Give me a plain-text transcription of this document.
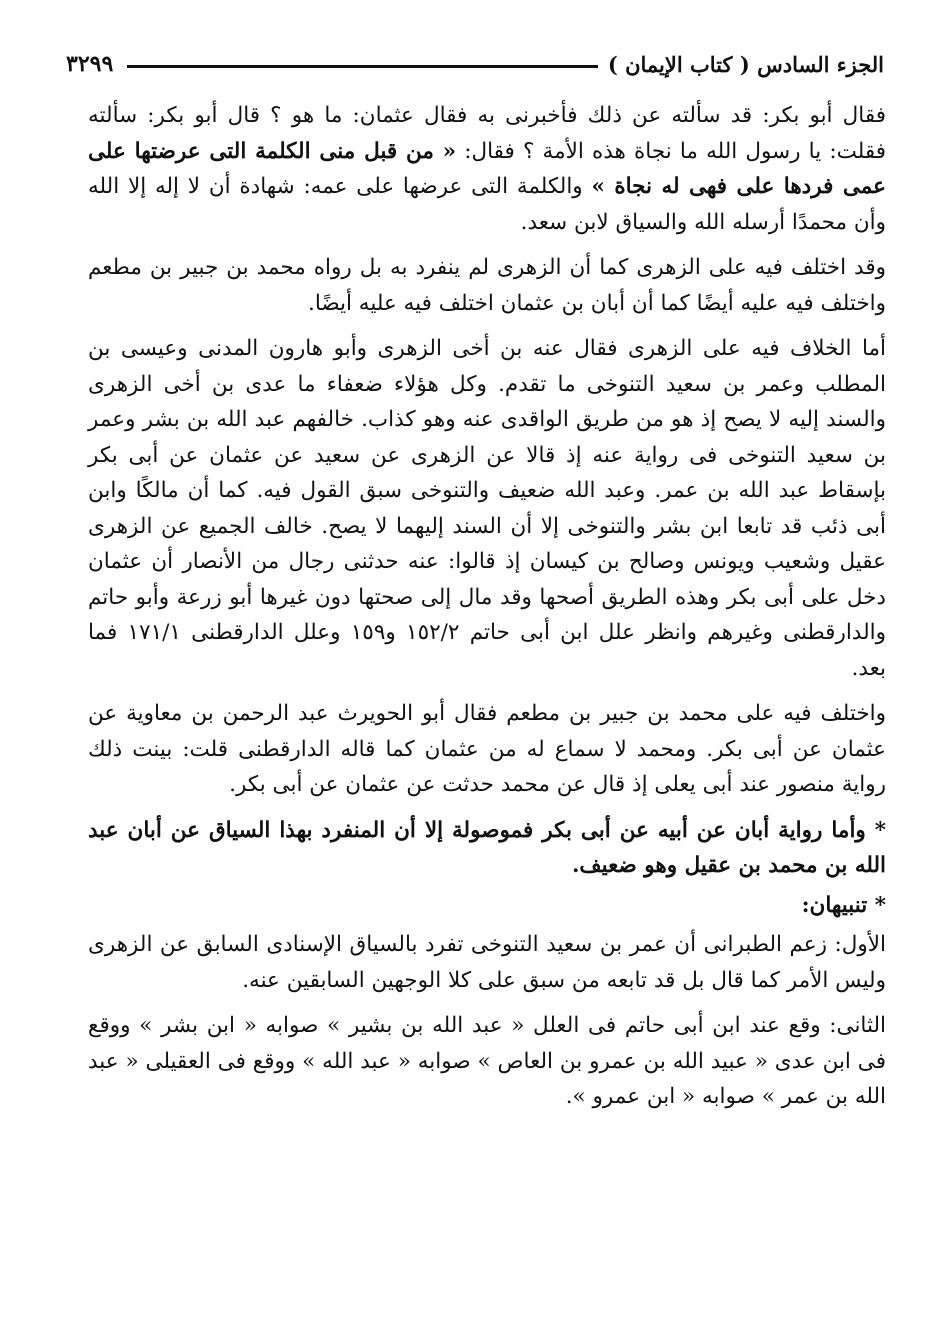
الجزء السادس ( كتاب الإيمان )
٣٢٩٩

فقال أبو بكر: قد سألته عن ذلك فأخبرنى به فقال عثمان: ما هو ؟ قال أبو بكر: سألته فقلت: يا رسول الله ما نجاة هذه الأمة ؟ فقال: « من قبل منى الكلمة التى عرضتها على عمى فردها على فهى له نجاة » والكلمة التى عرضها على عمه: شهادة أن لا إله إلا الله وأن محمدًا أرسله الله والسياق لابن سعد.

وقد اختلف فيه على الزهرى كما أن الزهرى لم ينفرد به بل رواه محمد بن جبير بن مطعم واختلف فيه عليه أيضًا كما أن أبان بن عثمان اختلف فيه عليه أيضًا.

أما الخلاف فيه على الزهرى فقال عنه بن أخى الزهرى وأبو هارون المدنى وعيسى بن المطلب وعمر بن سعيد التنوخى ما تقدم. وكل هؤلاء ضعفاء ما عدى بن أخى الزهرى والسند إليه لا يصح إذ هو من طريق الواقدى عنه وهو كذاب. خالفهم عبد الله بن بشر وعمر بن سعيد التنوخى فى رواية عنه إذ قالا عن الزهرى عن سعيد عن عثمان عن أبى بكر بإسقاط عبد الله بن عمر. وعبد الله ضعيف والتنوخى سبق القول فيه. كما أن مالكًا وابن أبى ذئب قد تابعا ابن بشر والتنوخى إلا أن السند إليهما لا يصح. خالف الجميع عن الزهرى عقيل وشعيب ويونس وصالح بن كيسان إذ قالوا: عنه حدثنى رجال من الأنصار أن عثمان دخل على أبى بكر وهذه الطريق أصحها وقد مال إلى صحتها دون غيرها أبو زرعة وأبو حاتم والدارقطنى وغيرهم وانظر علل ابن أبى حاتم ١٥٢/٢ و١٥٩ وعلل الدارقطنى ١٧١/١ فما بعد.

واختلف فيه على محمد بن جبير بن مطعم فقال أبو الحويرث عبد الرحمن بن معاوية عن عثمان عن أبى بكر. ومحمد لا سماع له من عثمان كما قاله الدارقطنى قلت: بينت ذلك رواية منصور عند أبى يعلى إذ قال عن محمد حدثت عن عثمان عن أبى بكر.

* وأما رواية أبان عن أبيه عن أبى بكر فموصولة إلا أن المنفرد بهذا السياق عن أبان عبد الله بن محمد بن عقيل وهو ضعيف.

* تنبيهان:

الأول: زعم الطبرانى أن عمر بن سعيد التنوخى تفرد بالسياق الإسنادى السابق عن الزهرى وليس الأمر كما قال بل قد تابعه من سبق على كلا الوجهين السابقين عنه.

الثانى: وقع عند ابن أبى حاتم فى العلل « عبد الله بن بشير » صوابه « ابن بشر » ووقع فى ابن عدى « عبيد الله بن عمرو بن العاص » صوابه « عبد الله » ووقع فى العقيلى « عبد الله بن عمر » صوابه « ابن عمرو ».
